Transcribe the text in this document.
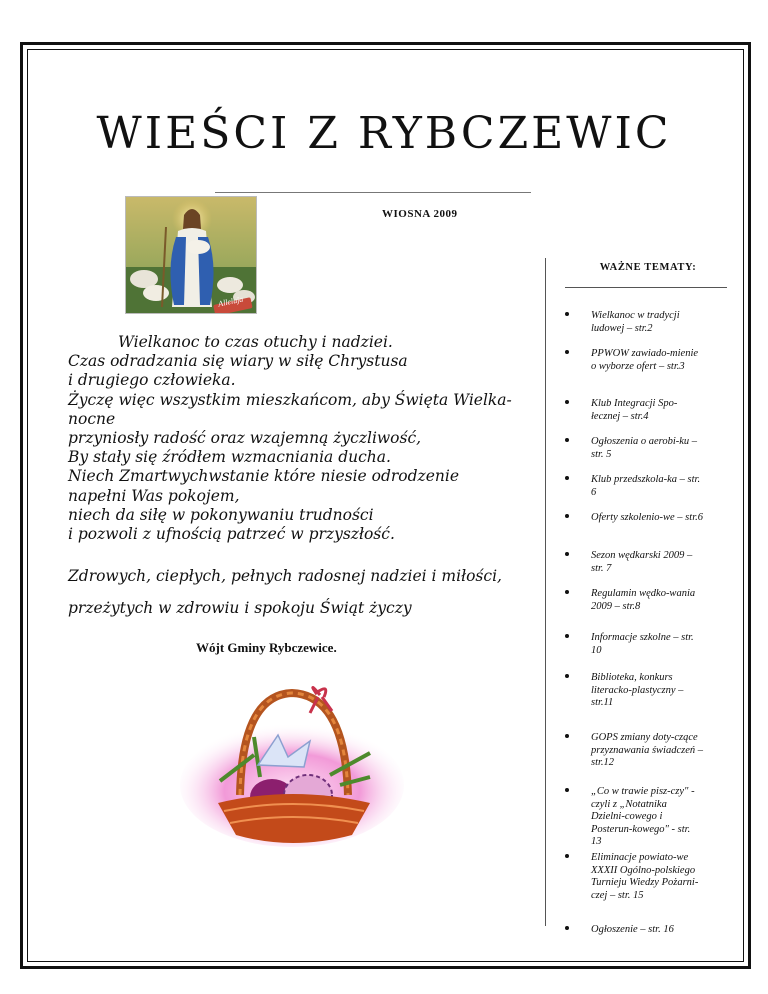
WIEŚCI Z RYBCZEWIC
WIOSNA 2009
Alleluja

Wielkanoc to czas otuchy i nadziei.

Czas odradzania się wiary w siłę Chrystusa

i drugiego człowieka.

Życzę więc wszystkim mieszkańcom, aby Święta Wielka-

nocne

przyniosły radość oraz wzajemną życzliwość,

By stały się źródłem wzmacniania ducha.

Niech Zmartwychwstanie które niesie odrodzenie

napełni Was pokojem,

niech da siłę w pokonywaniu trudności

i pozwoli z ufnością patrzeć w przyszłość.

Zdrowych, ciepłych, pełnych radosnej nadziei i miłości,

przeżytych w zdrowiu i spokoju Świąt życzy

Wójt Gminy Rybczewice.
WAŻNE TEMATY:
Wielkanoc w tradycji ludowej – str.2
PPWOW zawiado-mienie o wyborze ofert – str.3
Klub Integracji Spo-łecznej – str.4
Ogłoszenia o aerobi-ku – str. 5
Klub przedszkola-ka – str. 6
Oferty szkolenio-we – str.6
Sezon wędkarski 2009 – str. 7
Regulamin wędko-wania 2009 – str.8
Informacje szkolne – str. 10
Biblioteka, konkurs literacko-plastyczny – str.11
GOPS zmiany doty-czące przyznawania świadczeń – str.12
„Co w trawie pisz-czy" - czyli z „Notatnika Dzielni-cowego i Posterun-kowego" - str. 13
Eliminacje powiato-we XXXII Ogólno-polskiego Turnieju Wiedzy Pożarni-czej – str. 15
Ogłoszenie – str. 16
